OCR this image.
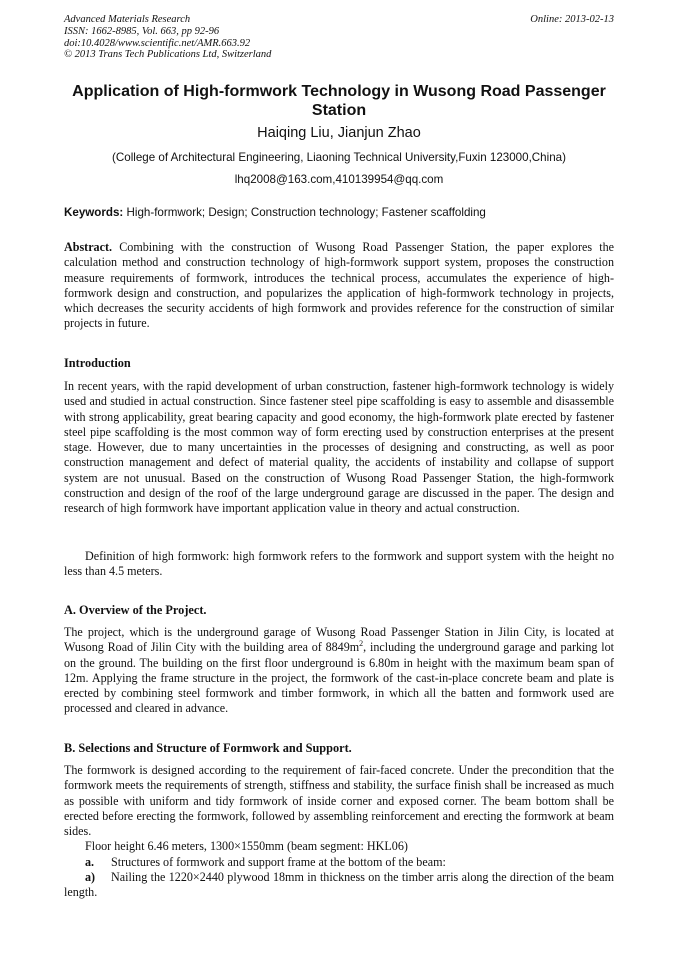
Advanced Materials Research
ISSN: 1662-8985, Vol. 663, pp 92-96
doi:10.4028/www.scientific.net/AMR.663.92
© 2013 Trans Tech Publications Ltd, Switzerland
Online: 2013-02-13
Application of High-formwork Technology in Wusong Road Passenger Station
Haiqing Liu, Jianjun Zhao
(College of Architectural Engineering, Liaoning Technical University,Fuxin 123000,China)
lhq2008@163.com,410139954@qq.com
Keywords: High-formwork; Design; Construction technology; Fastener scaffolding

Abstract. Combining with the construction of Wusong Road Passenger Station, the paper explores the calculation method and construction technology of high-formwork support system, proposes the construction measure requirements of formwork, introduces the technical process, accumulates the experience of high-formwork design and construction, and popularizes the application of high-formwork technology in projects, which decreases the security accidents of high formwork and provides reference for the construction of similar projects in future.

Introduction

In recent years, with the rapid development of urban construction, fastener high-formwork technology is widely used and studied in actual construction. Since fastener steel pipe scaffolding is easy to assemble and disassemble with strong applicability, great bearing capacity and good economy, the high-formwork plate erected by fastener steel pipe scaffolding is the most common way of form erecting used by construction enterprises at the present stage. However, due to many uncertainties in the processes of designing and constructing, as well as poor construction management and defect of material quality, the accidents of instability and collapse of support system are not unusual. Based on the construction of Wusong Road Passenger Station, the high-formwork construction and design of the roof of the large underground garage are discussed in the paper. The design and research of high formwork have important application value in theory and actual construction.

Definition of high formwork: high formwork refers to the formwork and support system with the height no less than 4.5 meters.

A. Overview of the Project.

The project, which is the underground garage of Wusong Road Passenger Station in Jilin City, is located at Wusong Road of Jilin City with the building area of $8849m^2$, including the underground garage and parking lot on the ground. The building on the first floor underground is 6.80m in height with the maximum beam span of 12m. Applying the frame structure in the project, the formwork of the cast-in-place concrete beam and plate is erected by combining steel formwork and timber formwork, in which all the batten and formwork used are processed and cleared in advance.

B. Selections and Structure of Formwork and Support.

The formwork is designed according to the requirement of fair-faced concrete. Under the precondition that the formwork meets the requirements of strength, stiffness and stability, the surface finish shall be increased as much as possible with uniform and tidy formwork of inside corner and exposed corner. The beam bottom shall be erected before erecting the formwork, followed by assembling reinforcement and erecting the formwork at beam sides.

Floor height 6.46 meters, 1300×1550mm (beam segment: HKL06)
a. Structures of formwork and support frame at the bottom of the beam:
a) Nailing the 1220×2440 plywood 18mm in thickness on the timber arris along the direction of the beam length.
